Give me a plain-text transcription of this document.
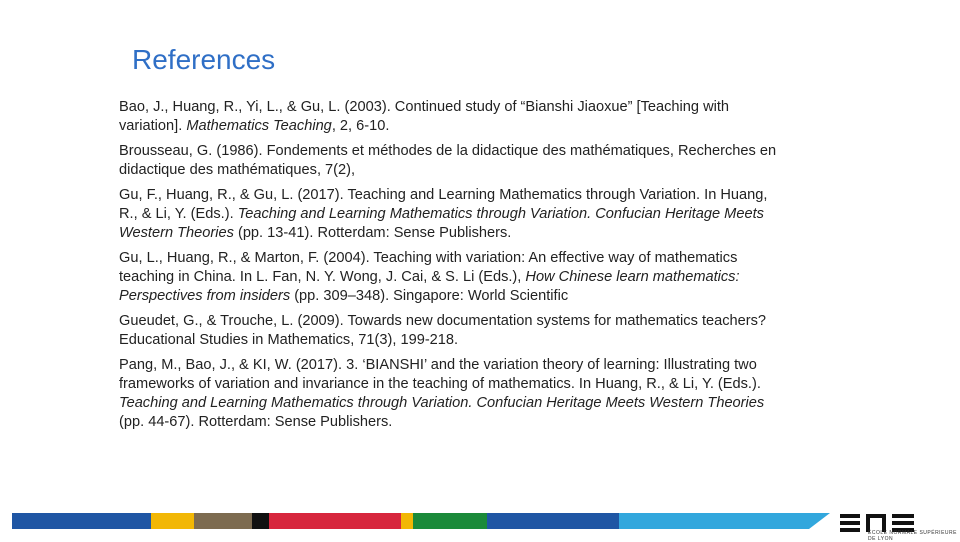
References

Bao, J., Huang, R., Yi, L., & Gu, L. (2003). Continued study of “Bianshi Jiaoxue” [Teaching with variation]. Mathematics Teaching, 2, 6-10.

Brousseau, G. (1986). Fondements et méthodes de la didactique des mathématiques, Recherches en didactique des mathématiques, 7(2),

Gu, F., Huang, R., & Gu, L. (2017). Teaching and Learning Mathematics through Variation. In Huang, R., & Li, Y. (Eds.). Teaching and Learning Mathematics through Variation. Confucian Heritage Meets Western Theories (pp. 13-41). Rotterdam: Sense Publishers.

Gu, L., Huang, R., & Marton, F. (2004). Teaching with variation: An effective way of mathematics teaching in China. In L. Fan, N. Y. Wong, J. Cai, & S. Li (Eds.), How Chinese learn mathematics: Perspectives from insiders (pp. 309–348). Singapore: World Scientific

Gueudet, G., & Trouche, L. (2009). Towards new documentation systems for mathematics teachers? Educational Studies in Mathematics, 71(3), 199-218.

Pang, M., Bao, J., & KI, W. (2017). 3. ‘BIANSHI’ and the variation theory of learning: Illustrating two frameworks of variation and invariance in the teaching of mathematics. In Huang, R., & Li, Y. (Eds.). Teaching and Learning Mathematics through Variation. Confucian Heritage Meets Western Theories (pp. 44-67). Rotterdam: Sense Publishers.

ÉCOLE NORMALE SUPÉRIEURE DE LYON
